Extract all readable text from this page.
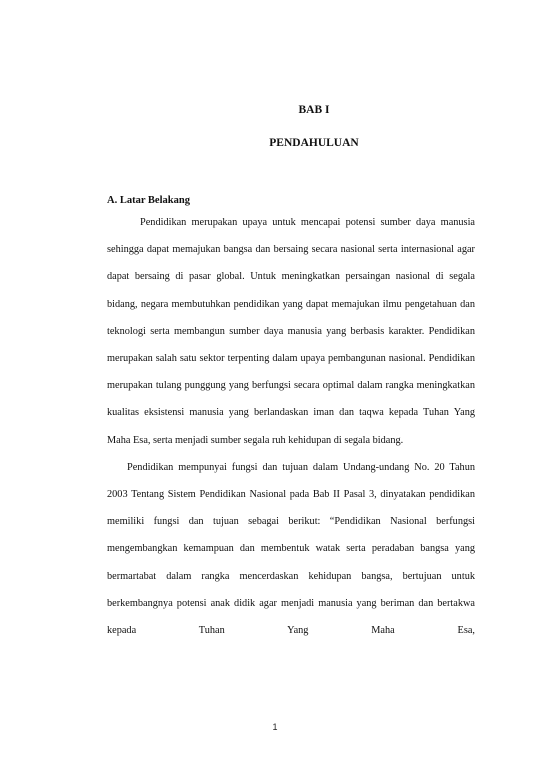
BAB I
PENDAHULUAN
A. Latar Belakang

Pendidikan merupakan upaya untuk mencapai potensi sumber daya manusia sehingga dapat memajukan bangsa dan bersaing secara nasional serta internasional agar dapat bersaing di pasar global. Untuk meningkatkan persaingan nasional di segala bidang, negara membutuhkan pendidikan yang dapat memajukan ilmu pengetahuan dan teknologi serta membangun sumber daya manusia yang berbasis karakter. Pendidikan merupakan salah satu sektor terpenting dalam upaya pembangunan nasional. Pendidikan merupakan tulang punggung yang berfungsi secara optimal dalam rangka meningkatkan kualitas eksistensi manusia yang berlandaskan iman dan taqwa kepada Tuhan Yang Maha Esa, serta menjadi sumber segala ruh kehidupan di segala bidang.

Pendidikan mempunyai fungsi dan tujuan dalam Undang-undang No. 20 Tahun 2003 Tentang Sistem Pendidikan Nasional pada Bab II Pasal 3, dinyatakan pendidikan memiliki fungsi dan tujuan sebagai berikut: “Pendidikan Nasional berfungsi mengembangkan kemampuan dan membentuk watak serta peradaban bangsa yang bermartabat dalam rangka mencerdaskan kehidupan bangsa, bertujuan untuk berkembangnya potensi anak didik agar menjadi manusia yang beriman dan bertakwa kepada Tuhan Yang Maha Esa,

1
